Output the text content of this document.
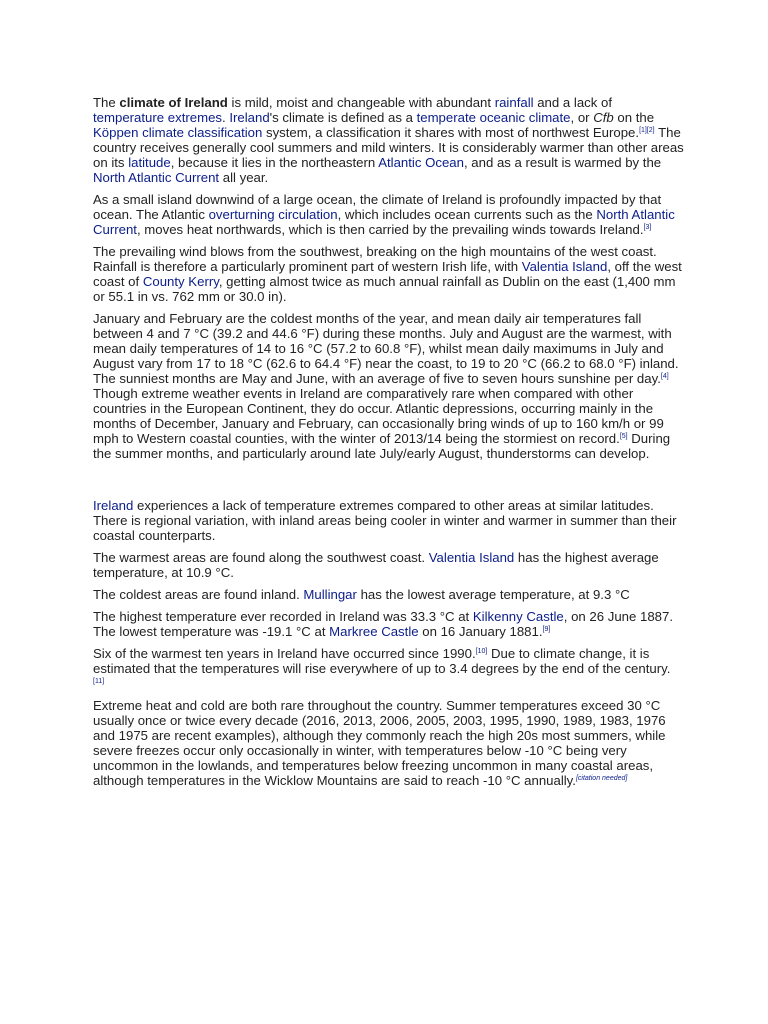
The climate of Ireland is mild, moist and changeable with abundant rainfall and a lack of temperature extremes. Ireland's climate is defined as a temperate oceanic climate, or Cfb on the Köppen climate classification system, a classification it shares with most of northwest Europe.[1][2] The country receives generally cool summers and mild winters. It is considerably warmer than other areas on its latitude, because it lies in the northeastern Atlantic Ocean, and as a result is warmed by the North Atlantic Current all year.

As a small island downwind of a large ocean, the climate of Ireland is profoundly impacted by that ocean. The Atlantic overturning circulation, which includes ocean currents such as the North Atlantic Current, moves heat northwards, which is then carried by the prevailing winds towards Ireland.[3]

The prevailing wind blows from the southwest, breaking on the high mountains of the west coast. Rainfall is therefore a particularly prominent part of western Irish life, with Valentia Island, off the west coast of County Kerry, getting almost twice as much annual rainfall as Dublin on the east (1,400 mm or 55.1 in vs. 762 mm or 30.0 in).

January and February are the coldest months of the year, and mean daily air temperatures fall between 4 and 7 °C (39.2 and 44.6 °F) during these months. July and August are the warmest, with mean daily temperatures of 14 to 16 °C (57.2 to 60.8 °F), whilst mean daily maximums in July and August vary from 17 to 18 °C (62.6 to 64.4 °F) near the coast, to 19 to 20 °C (66.2 to 68.0 °F) inland. The sunniest months are May and June, with an average of five to seven hours sunshine per day.[4] Though extreme weather events in Ireland are comparatively rare when compared with other countries in the European Continent, they do occur. Atlantic depressions, occurring mainly in the months of December, January and February, can occasionally bring winds of up to 160 km/h or 99 mph to Western coastal counties, with the winter of 2013/14 being the stormiest on record.[5] During the summer months, and particularly around late July/early August, thunderstorms can develop.

Ireland experiences a lack of temperature extremes compared to other areas at similar latitudes. There is regional variation, with inland areas being cooler in winter and warmer in summer than their coastal counterparts.

The warmest areas are found along the southwest coast. Valentia Island has the highest average temperature, at 10.9 °C.

The coldest areas are found inland. Mullingar has the lowest average temperature, at 9.3 °C

The highest temperature ever recorded in Ireland was 33.3 °C at Kilkenny Castle, on 26 June 1887. The lowest temperature was -19.1 °C at Markree Castle on 16 January 1881.[9]

Six of the warmest ten years in Ireland have occurred since 1990.[10] Due to climate change, it is estimated that the temperatures will rise everywhere of up to 3.4 degrees by the end of the century. [11]

Extreme heat and cold are both rare throughout the country. Summer temperatures exceed 30 °C usually once or twice every decade (2016, 2013, 2006, 2005, 2003, 1995, 1990, 1989, 1983, 1976 and 1975 are recent examples), although they commonly reach the high 20s most summers, while severe freezes occur only occasionally in winter, with temperatures below -10 °C being very uncommon in the lowlands, and temperatures below freezing uncommon in many coastal areas, although temperatures in the Wicklow Mountains are said to reach -10 °C annually.[citation needed]
